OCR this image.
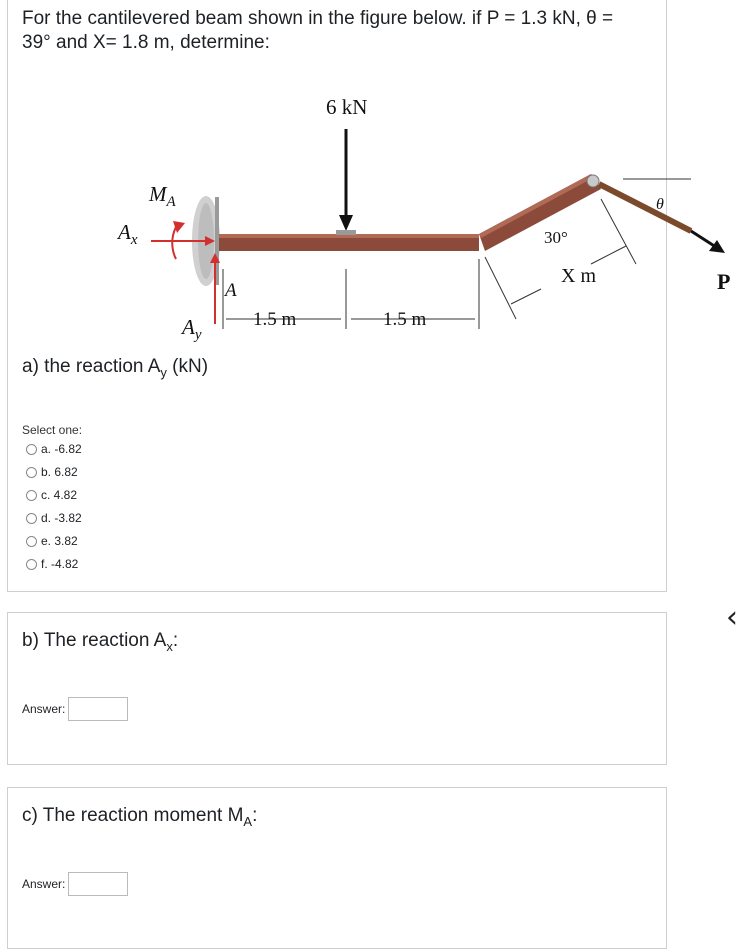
For the cantilevered beam shown in the figure below. if P = 1.3 kN, θ =
39° and X= 1.8 m, determine:
6 kN
$M_A$
$A_x$
$A_y$
A
1.5 m	1.5 m
30°
X m
θ
P
a) the reaction $A_y$ (kN)
Select one:
a. -6.82
b. 6.82
c. 4.82
d. -3.82
e. 3.82
f. -4.82
b) The reaction $A_x$:
Answer:
c) The reaction moment $M_A$:
Answer:
‹
